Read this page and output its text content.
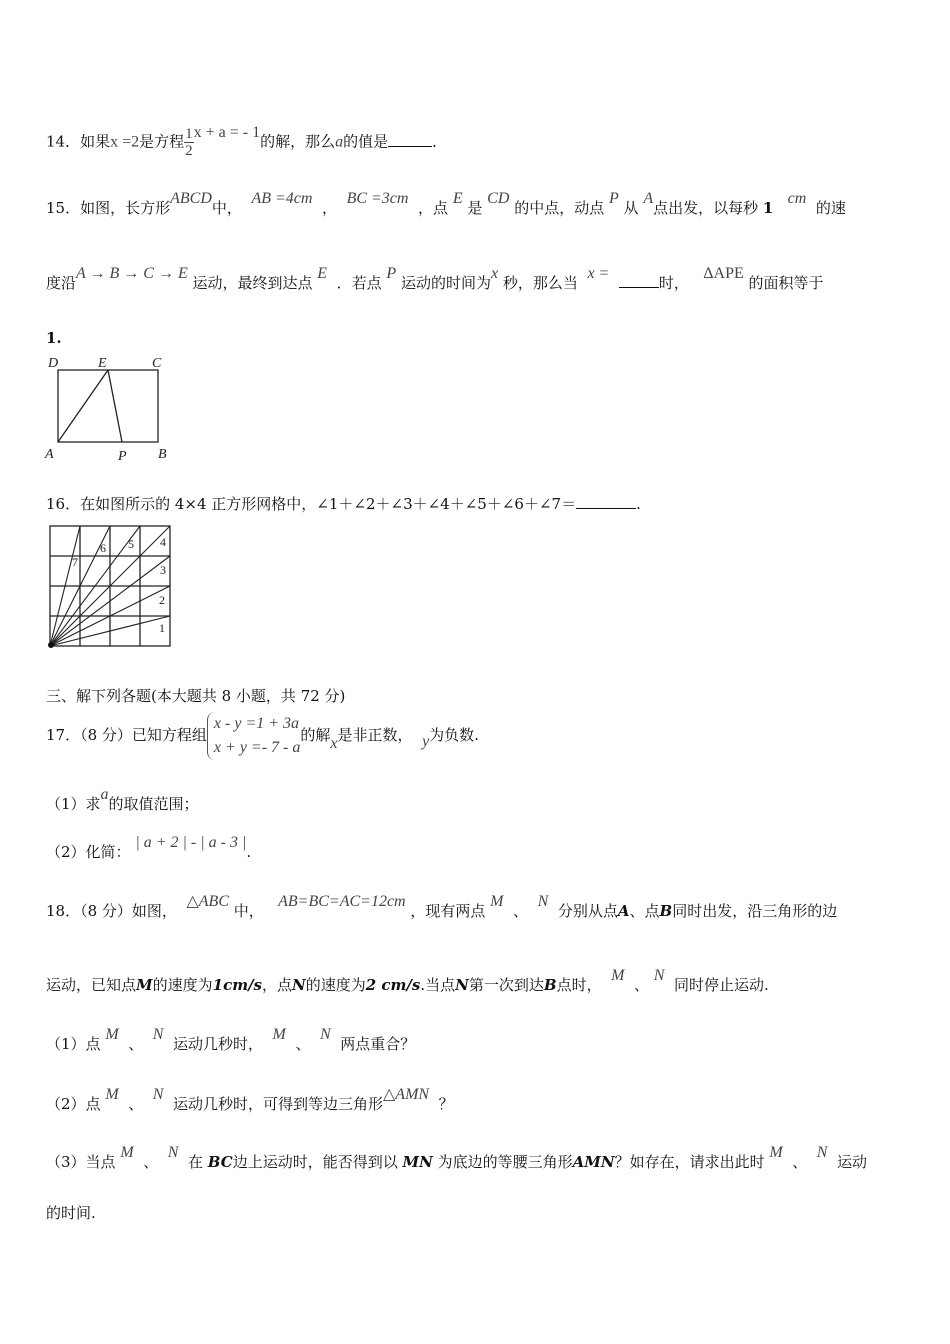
14．如果x =2是方程 $\frac{1}{2}$ x + a = - 1的解，那么a的值是	．
15．如图，长方形ABCD中，  AB =4cm  ，  BC =3cm  ，点 E 是 CD 的中点，动点 P 从 A点出发，以每秒 1   cm  的速
度沿A → B → C → E 运动，最终到达点 E  ．若点 P 运动的时间为x 秒，那么当  x =  时，   ΔAPE 的面积等于
1.
D	E	C
A	P B
16．在如图所示的 4×4 正方形网格中，∠1＋∠2＋∠3＋∠4＋∠5＋∠6＋∠7＝	.
1
2
3
4
5
6
7
三、解下列各题(本大题共 8 小题，共 72 分)
17．（8 分）已知方程组
x - y =1 + 3a
x + y =- 7 - a
的解x是非正数， y为负数.
（1）求a的取值范围；
（2）化简： | a + 2 | - | a - 3 |.
18．（8 分）如图，  △ABC 中，   AB=BC=AC=12cm ，现有两点 M  、  N  分别从点A、点B同时出发，沿三角形的边
运动，已知点M的速度为1cm/s，点N的速度为2 cm/s.当点N第一次到达B点时，  M  、 N  同时停止运动.
（1）点 M  、  N  运动几秒时，  M  、  N  两点重合？
（2）点 M  、  N  运动几秒时，可得到等边三角形△AMN  ？
（3）当点 M  、  N  在 BC边上运动时，能否得到以 MN 为底边的等腰三角形AMN？如存在，请求出此时 M  、  N  运动
的时间.
